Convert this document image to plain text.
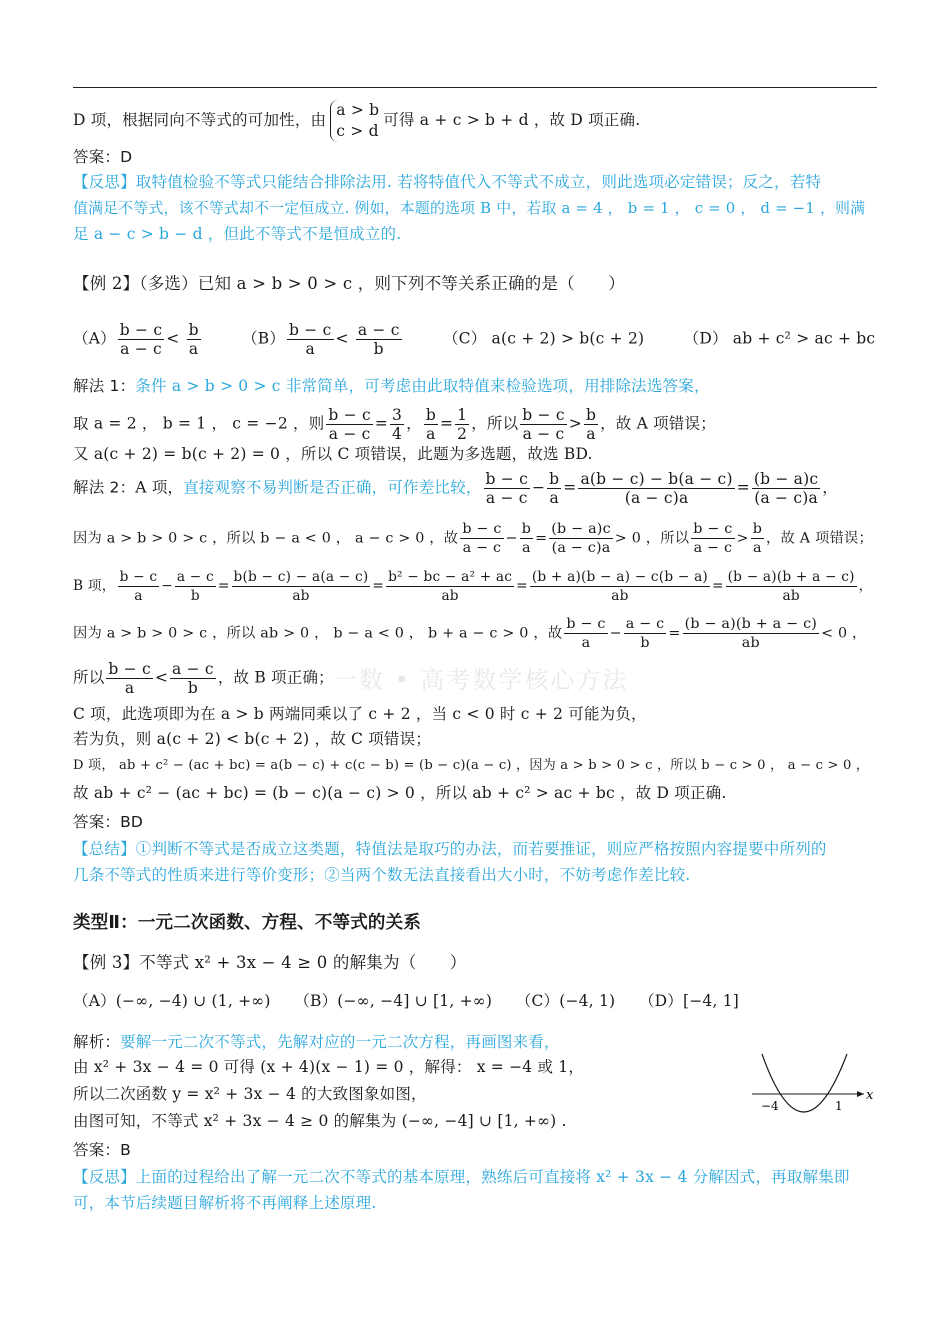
D 项，根据同向不等式的可加性，由
a > b
c > d
可得 a + c > b + d ，故 D 项正确.
答案：D
【反思】取特值检验不等式只能结合排除法用. 若将特值代入不等式不成立，则此选项必定错误；反之，若特
值满足不等式，该不等式却不一定恒成立. 例如，本题的选项 B 中，若取 a = 4 ， b = 1 ， c = 0 ， d = −1 ，则满
足 a − c > b − d ，但此不等式不是恒成立的.
【例 2】（多选）已知 a > b > 0 > c ，则下列不等关系正确的是（　　）
$(A) \frac{b - c}{a - c} < \frac{b}{a}$ 　　　$(B) \frac{b - c}{a} < \frac{a - c}{b}$ 　　　（C） a(c + 2) > b(c + 2)　　　（D） ab + c² > ac + bc
解法 1：条件 a > b > 0 > c 非常简单，可考虑由此取特值来检验选项，用排除法选答案，
取 a = 2 ， b = 1 ， c = −2 ，则 $\frac{b - c}{a - c} = \frac{3}{4}$ ， $\frac{b}{a} = \frac{1}{2}$ ，所以 $\frac{b - c}{a - c} > \frac{b}{a}$ ，故 A 项错误；
又 a(c + 2) = b(c + 2) = 0 ，所以 C 项错误，此题为多选题，故选 BD.
解法 2：A 项，直接观察不易判断是否正确，可作差比较， $\frac{b - c}{a - c} - \frac{b}{a} = \frac{a(b - c) - b(a - c)}{(a - c)a} = \frac{(b - a)c}{(a - c)a}$ ，
因为 a > b > 0 > c ，所以 b − a < 0 ， a − c > 0 ，故 $\frac{b - c}{a - c} - \frac{b}{a} = \frac{(b - a)c}{(a - c)a} > 0$ ，所以 $\frac{b - c}{a - c} > \frac{b}{a}$ ，故 A 项错误；
B 项， $\frac{b - c}{a} - \frac{a - c}{b} = \frac{b(b - c) - a(a - c)}{ab} = \frac{\text{b² − bc − a² + ac}}{ab} = \frac{(b + a)(b - a) - c(b - a)}{ab} = \frac{(b - a)(b + a - c)}{ab}$ ，
因为 a > b > 0 > c ，所以 ab > 0 ， b − a < 0 ， b + a − c > 0 ，故 $\frac{b - c}{a} - \frac{a - c}{b} = \frac{(b - a)(b + a - c)}{ab} < 0$ ，
所以 $\frac{b - c}{a} < \frac{a - c}{b}$ ，故 B 项正确；
C 项，此选项即为在 a > b 两端同乘以了 c + 2 ，当 c < 0 时 c + 2 可能为负，
若为负，则 a(c + 2) < b(c + 2) ，故 C 项错误；
D 项， ab + c² − (ac + bc) = a(b − c) + c(c − b) = (b − c)(a − c) ，因为 a > b > 0 > c ，所以 b − c > 0 ， a − c > 0 ，
故 ab + c² − (ac + bc) = (b − c)(a − c) > 0 ，所以 ab + c² > ac + bc ，故 D 项正确.
答案：BD
【总结】①判断不等式是否成立这类题，特值法是取巧的办法，而若要推证，则应严格按照内容提要中所列的
几条不等式的性质来进行等价变形；②当两个数无法直接看出大小时，不妨考虑作差比较.
类型Ⅱ：一元二次函数、方程、不等式的关系
【例 3】不等式 x² + 3x − 4 ≥ 0 的解集为（　　）
（A）(−∞, −4) ∪ (1, +∞)　　（B）(−∞, −4] ∪ [1, +∞)　　（C）(−4, 1)　　（D）[−4, 1]
解析：要解一元二次不等式，先解对应的一元二次方程，再画图来看，
由 x² + 3x − 4 = 0 可得 (x + 4)(x − 1) = 0 ，解得： x = −4 或 1，
所以二次函数 y = x² + 3x − 4 的大致图象如图，
由图可知，不等式 x² + 3x − 4 ≥ 0 的解集为 (−∞, −4] ∪ [1, +∞) .
答案：B
【反思】上面的过程给出了解一元二次不等式的基本原理，熟练后可直接将 x² + 3x − 4 分解因式，再取解集即
可，本节后续题目解析将不再阐释上述原理.
一数 • 高考数学核心方法
x
−4	1
